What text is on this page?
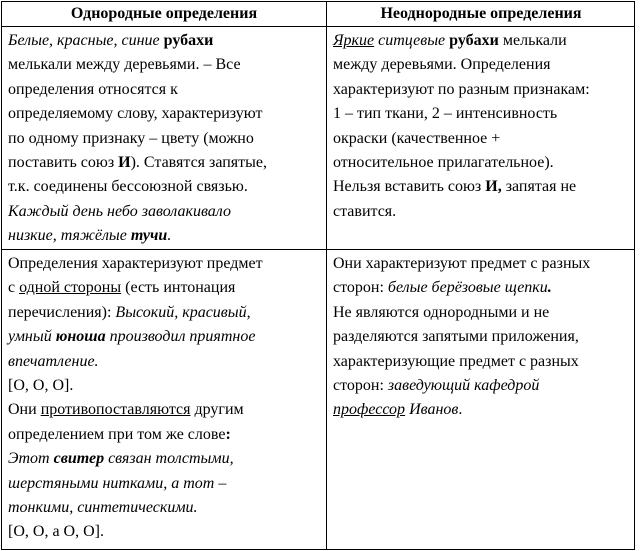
Однородные определения	Неоднородные определения

Белые, красные, синие рубахи

мелькали между деревьями. – Все

определения относятся к

определяемому слову, характеризуют

по одному признаку – цвету (можно

поставить союз И). Ставятся запятые,

т.к. соединены бессоюзной связью.

Каждый день небо заволакивало

низкие, тяжёлые тучи.

Яркие ситцевые рубахи мелькали

между деревьями. Определения

характеризуют по разным признакам:

1 – тип ткани, 2 – интенсивность

окраски (качественное +

относительное прилагательное).

Нельзя вставить союз И, запятая не

ставится.

Определения характеризуют предмет

с одной стороны (есть интонация

перечисления): Высокий, красивый,

умный юноша производил приятное

впечатление.

[О, О, О].

Они противопоставляются другим

определением при том же слове:

Этот свитер связан толстыми,

шерстяными нитками, а тот –

тонкими, синтетическими.

[О, О, а О, О].

Они характеризуют предмет с разных

сторон: белые берёзовые щепки.

Не являются однородными и не

разделяются запятыми приложения,

характеризующие предмет с разных

сторон: заведующий кафедрой

профессор Иванов.
